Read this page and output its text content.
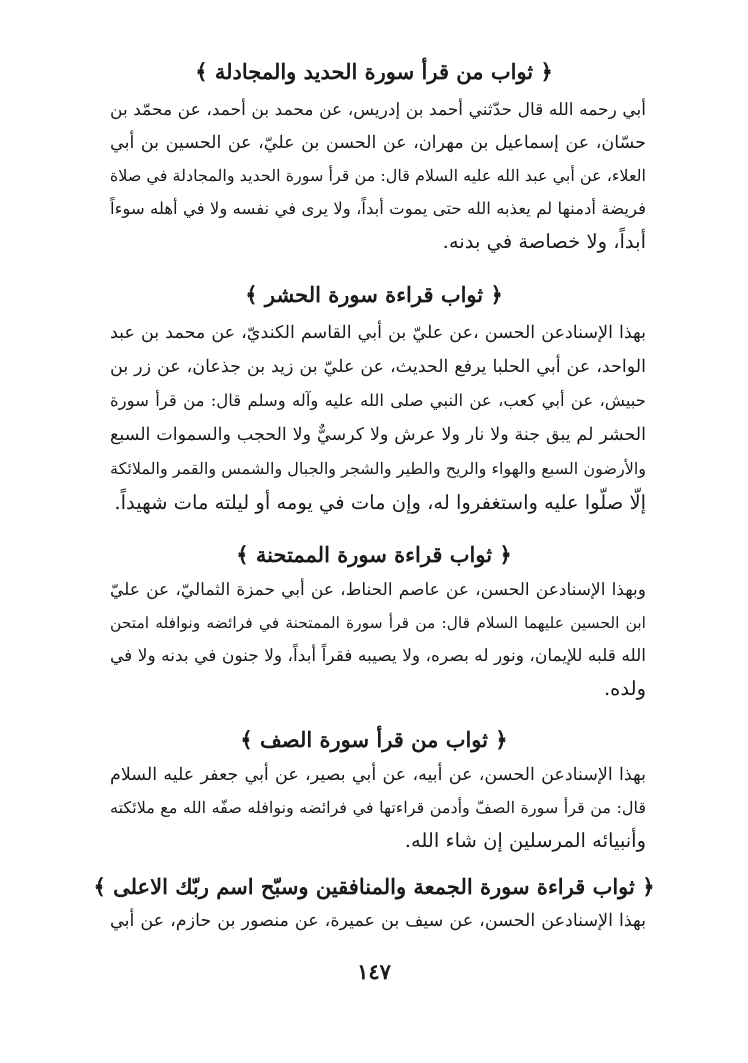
﴿ ثواب من قرأ سورة الحديد والمجادلة ﴾
أبي رحمه الله قال حدّثني أحمد بن إدريس، عن محمد بن أحمد، عن محمّد بن
حسّان، عن إسماعيل بن مهران، عن الحسن بن عليّ، عن الحسين بن أبي
العلاء، عن أبي عبد الله عليه السلام قال: من قرأ سورة الحديد والمجادلة في صلاة
فريضة أدمنها لم يعذبه الله حتى يموت أبداً، ولا يرى في نفسه ولا في أهله سوءاً
أبداً، ولا خصاصة في بدنه.
﴿ ثواب قراءة سورة الحشر ﴾
بهذا الإسنادعن الحسن ،عن عليّ بن أبي القاسم الكنديّ، عن محمد بن عبد
الواحد، عن أبي الحلبا يرفع الحديث، عن عليّ بن زيد بن جذعان، عن زر بن
حبيش، عن أبي كعب، عن النبي صلى الله عليه وآله وسلم قال: من قرأ سورة
الحشر لم يبق جنة ولا نار ولا عرش ولا كرسيٌّ ولا الحجب والسموات السبع
والأرضون السبع والهواء والريح والطير والشجر والجبال والشمس والقمر والملائكة
إلّا صلّوا عليه واستغفروا له، وإن مات في يومه أو ليلته مات شهيداً.
﴿ ثواب قراءة سورة الممتحنة ﴾
وبهذا الإسنادعن الحسن، عن عاصم الحناط، عن أبي حمزة الثماليّ، عن عليّ
ابن الحسين عليهما السلام قال: من قرأ سورة الممتحنة في فرائضه ونوافله امتحن
الله قلبه للإيمان، ونور له بصره، ولا يصيبه فقراً أبداً، ولا جنون في بدنه ولا في
ولده.
﴿ ثواب من قرأ سورة الصف ﴾
بهذا الإسنادعن الحسن، عن أبيه، عن أبي بصير، عن أبي جعفر عليه السلام
قال: من قرأ سورة الصفّ وأدمن قراءتها في فرائضه ونوافله صفّه الله مع ملائكته
وأنبيائه المرسلين إن شاء الله.
﴿ ثواب قراءة سورة الجمعة والمنافقين وسبّح اسم ربّك الاعلى ﴾
بهذا الإسنادعن الحسن، عن سيف بن عميرة، عن منصور بن حازم، عن أبي
١٤٧
